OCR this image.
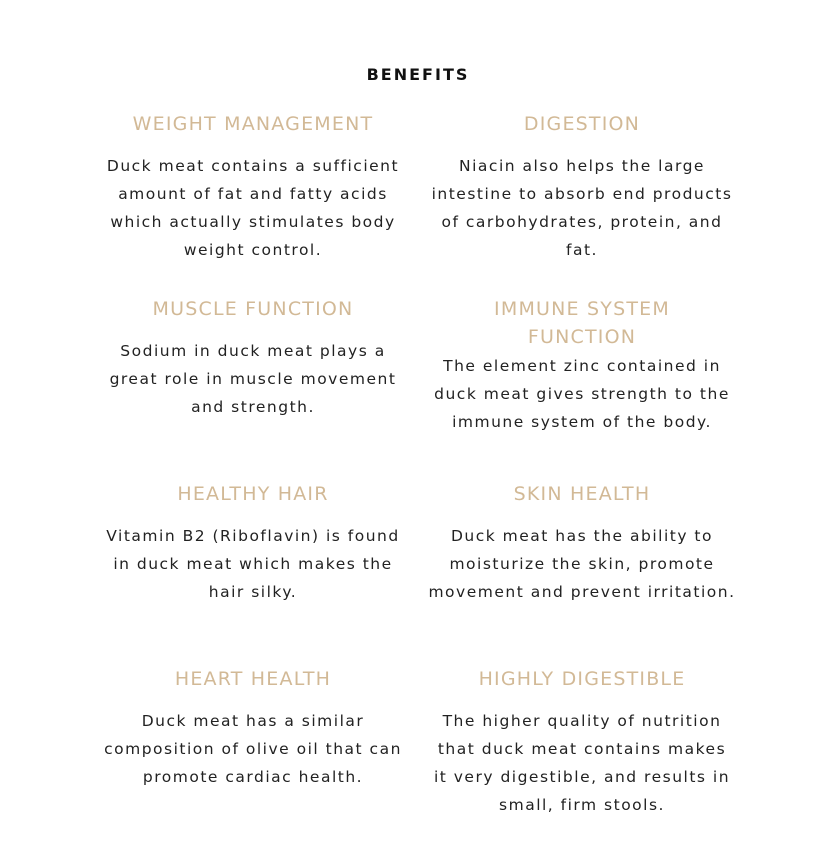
BENEFITS
WEIGHT MANAGEMENT

Duck meat contains a sufficient amount of fat and fatty acids which actually stimulates body weight control.

DIGESTION

Niacin also helps the large intestine to absorb end products of carbohydrates, protein, and fat.

MUSCLE FUNCTION

Sodium in duck meat plays a great role in muscle movement and strength.

IMMUNE SYSTEM FUNCTION

The element zinc contained in duck meat gives strength to the immune system of the body.

HEALTHY HAIR

Vitamin B2 (Riboflavin) is found in duck meat which makes the hair silky.

SKIN HEALTH

Duck meat has the ability to moisturize the skin, promote movement and prevent irritation.

HEART HEALTH

Duck meat has a similar composition of olive oil that can promote cardiac health.

HIGHLY DIGESTIBLE

The higher quality of nutrition that duck meat contains makes it very digestible, and results in small, firm stools.
